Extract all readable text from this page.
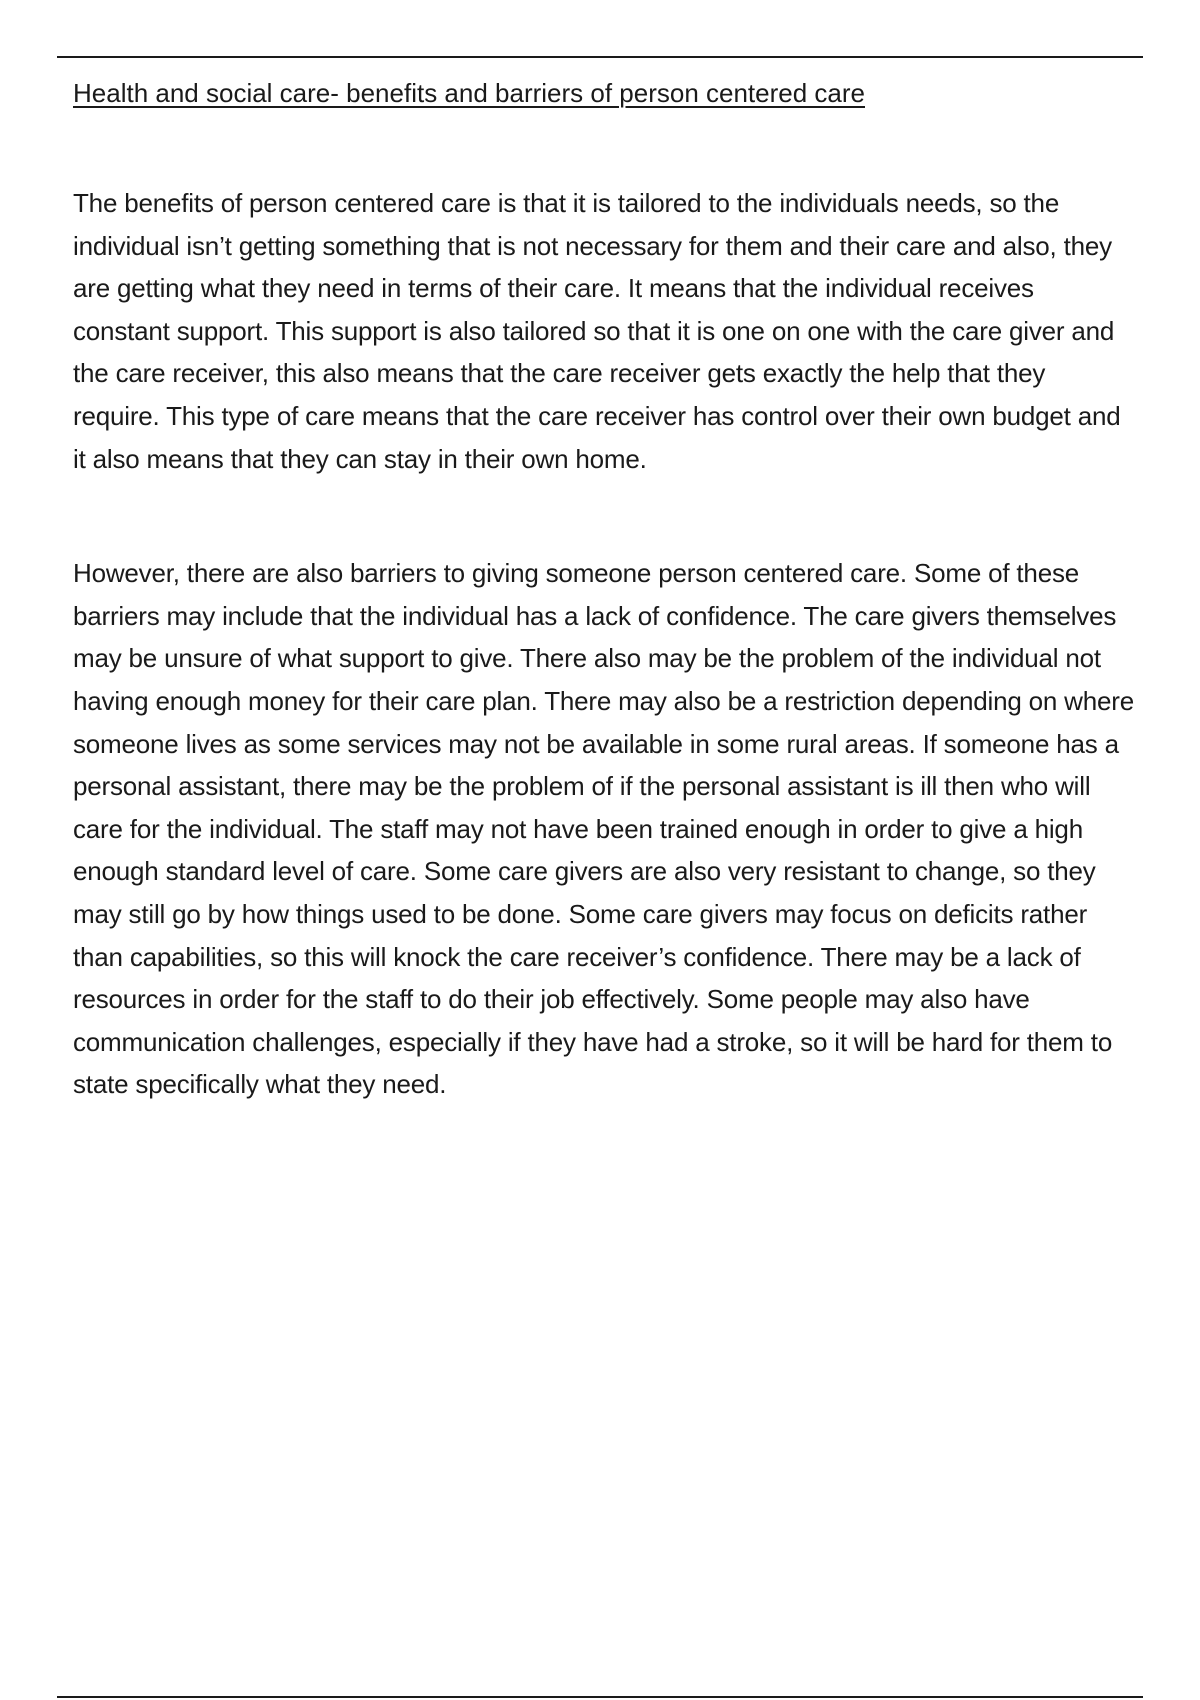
Health and social care- benefits and barriers of person centered care

The benefits of person centered care is that it is tailored to the individuals needs, so the individual isn’t getting something that is not necessary for them and their care and also, they are getting what they need in terms of their care. It means that the individual receives constant support. This support is also tailored so that it is one on one with the care giver and the care receiver, this also means that the care receiver gets exactly the help that they require. This type of care means that the care receiver has control over their own budget and it also means that they can stay in their own home.

However, there are also barriers to giving someone person centered care. Some of these barriers may include that the individual has a lack of confidence. The care givers themselves may be unsure of what support to give. There also may be the problem of the individual not having enough money for their care plan. There may also be a restriction depending on where someone lives as some services may not be available in some rural areas. If someone has a personal assistant, there may be the problem of if the personal assistant is ill then who will care for the individual. The staff may not have been trained enough in order to give a high enough standard level of care. Some care givers are also very resistant to change, so they may still go by how things used to be done. Some care givers may focus on deficits rather than capabilities, so this will knock the care receiver’s confidence. There may be a lack of resources in order for the staff to do their job effectively. Some people may also have communication challenges, especially if they have had a stroke, so it will be hard for them to state specifically what they need.
